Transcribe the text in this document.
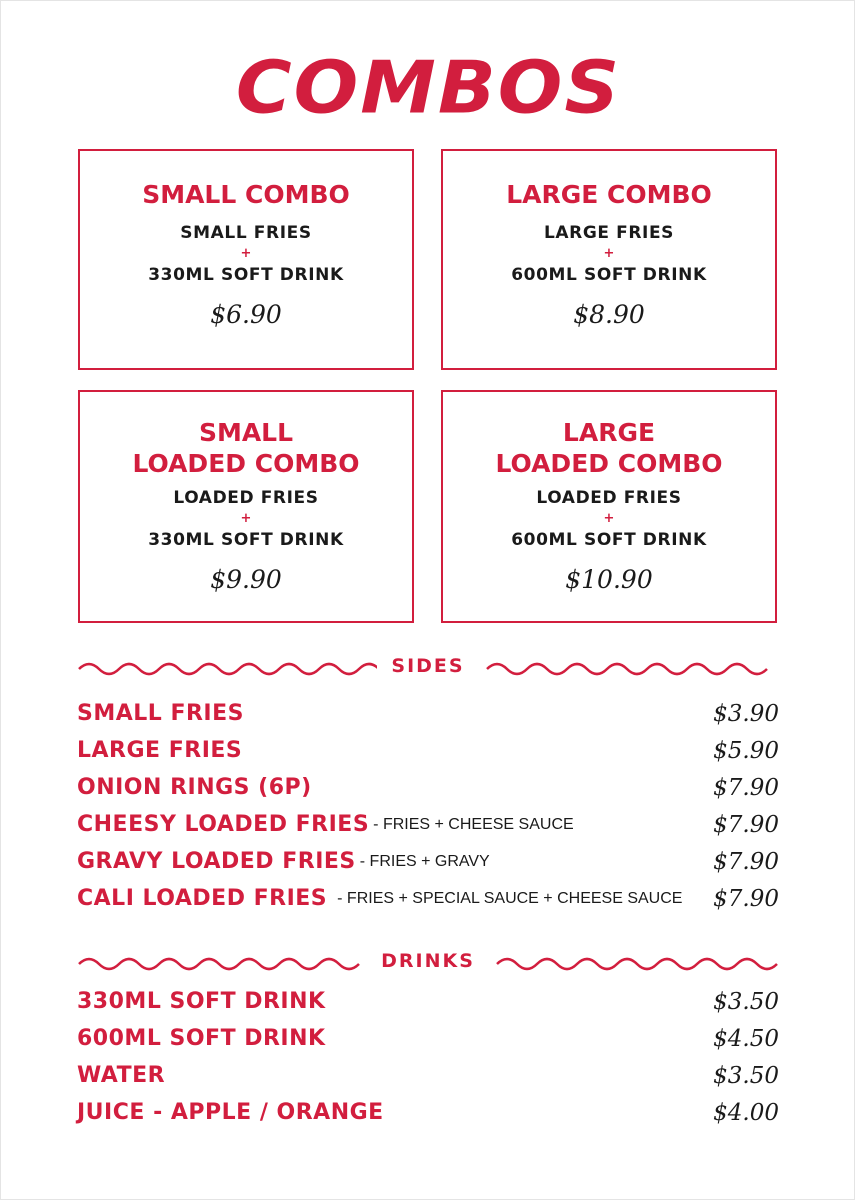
COMBOS
SMALL COMBO
SMALL FRIES
+
330ML SOFT DRINK
$6.90
LARGE COMBO
LARGE FRIES
+
600ML SOFT DRINK
$8.90
SMALL
LOADED COMBO
LOADED FRIES
+
330ML SOFT DRINK
$9.90
LARGE
LOADED COMBO
LOADED FRIES
+
600ML SOFT DRINK
$10.90
SIDES
SMALL FRIES	$3.90
LARGE FRIES	$5.90
ONION RINGS (6P)	$7.90
CHEESY LOADED FRIES - FRIES + CHEESE SAUCE	$7.90
GRAVY LOADED FRIES - FRIES + GRAVY	$7.90
CALI LOADED FRIES - FRIES + SPECIAL SAUCE + CHEESE SAUCE $7.90
DRINKS
330ML SOFT DRINK	$3.50
600ML SOFT DRINK	$4.50
WATER	$3.50
JUICE - APPLE / ORANGE	$4.00
